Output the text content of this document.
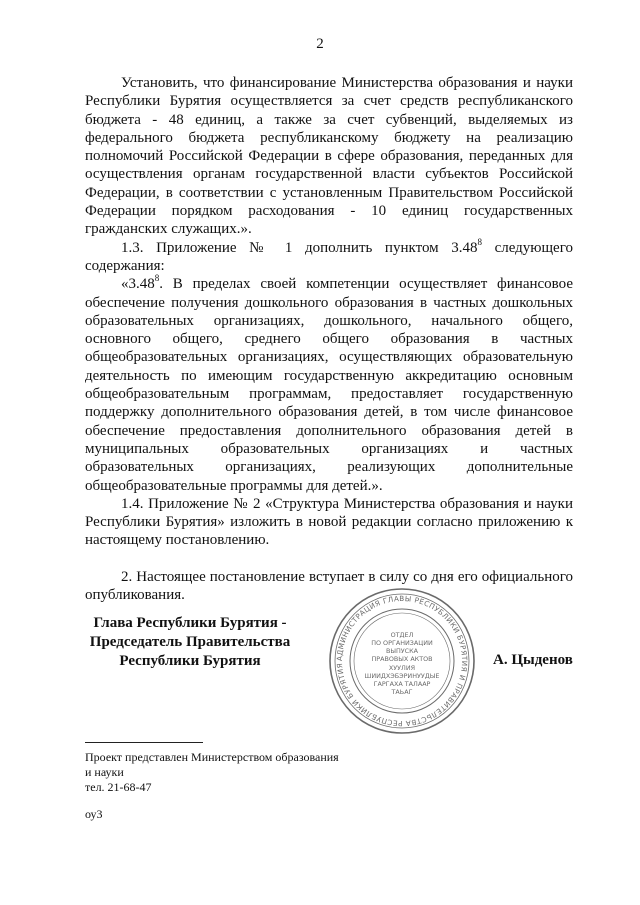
2

Установить, что финансирование Министерства образования и науки Республики Бурятия осуществляется за счет средств республиканского бюджета - 48 единиц, а также за счет субвенций, выделяемых из федерального бюджета республиканскому бюджету на реализацию полномочий Российской Федерации в сфере образования, переданных для осуществления органам государственной власти субъектов Российской Федерации, в соответствии с установленным Правительством Российской Федерации порядком расходования - 10 единиц государственных гражданских служащих.».

1.3. Приложение № 1 дополнить пунктом 3.48$^8$ следующего содержания:

«3.48$^8$. В пределах своей компетенции осуществляет финансовое обеспечение получения дошкольного образования в частных дошкольных образовательных организациях, дошкольного, начального общего, основного общего, среднего общего образования в частных общеобразовательных организациях, осуществляющих образовательную деятельность по имеющим государственную аккредитацию основным общеобразовательным программам, предоставляет государственную поддержку дополнительного образования детей, в том числе финансовое обеспечение предоставления дополнительного образования детей в муниципальных образовательных организациях и частных образовательных организациях, реализующих дополнительные общеобразовательные программы для детей.».

1.4. Приложение № 2 «Структура Министерства образования и науки Республики Бурятия» изложить в новой редакции согласно приложению к настоящему постановлению.

2. Настоящее постановление вступает в силу со дня его официального опубликования.

Глава Республики Бурятия -
Председатель Правительства
Республики Бурятия	АДМИНИСТРАЦИЯ ГЛАВЫ РЕСПУБЛИКИ БУРЯТИЯ И ПРАВИТЕЛЬСТВА РЕСПУБЛИКИ БУРЯТИЯ
ОТДЕЛ
ПО ОРГАНИЗАЦИИ
ВЫПУСКА
ПРАВОВЫХ АКТОВ
ХУУЛИЯ
ШИИДХЭБЭРИНУУДЫЕ
ГАРГАХА ТАЛААР
ТАЬАГ
А. Цыденов
Проект представлен Министерством образования
и науки
тел. 21-68-47
оу3
